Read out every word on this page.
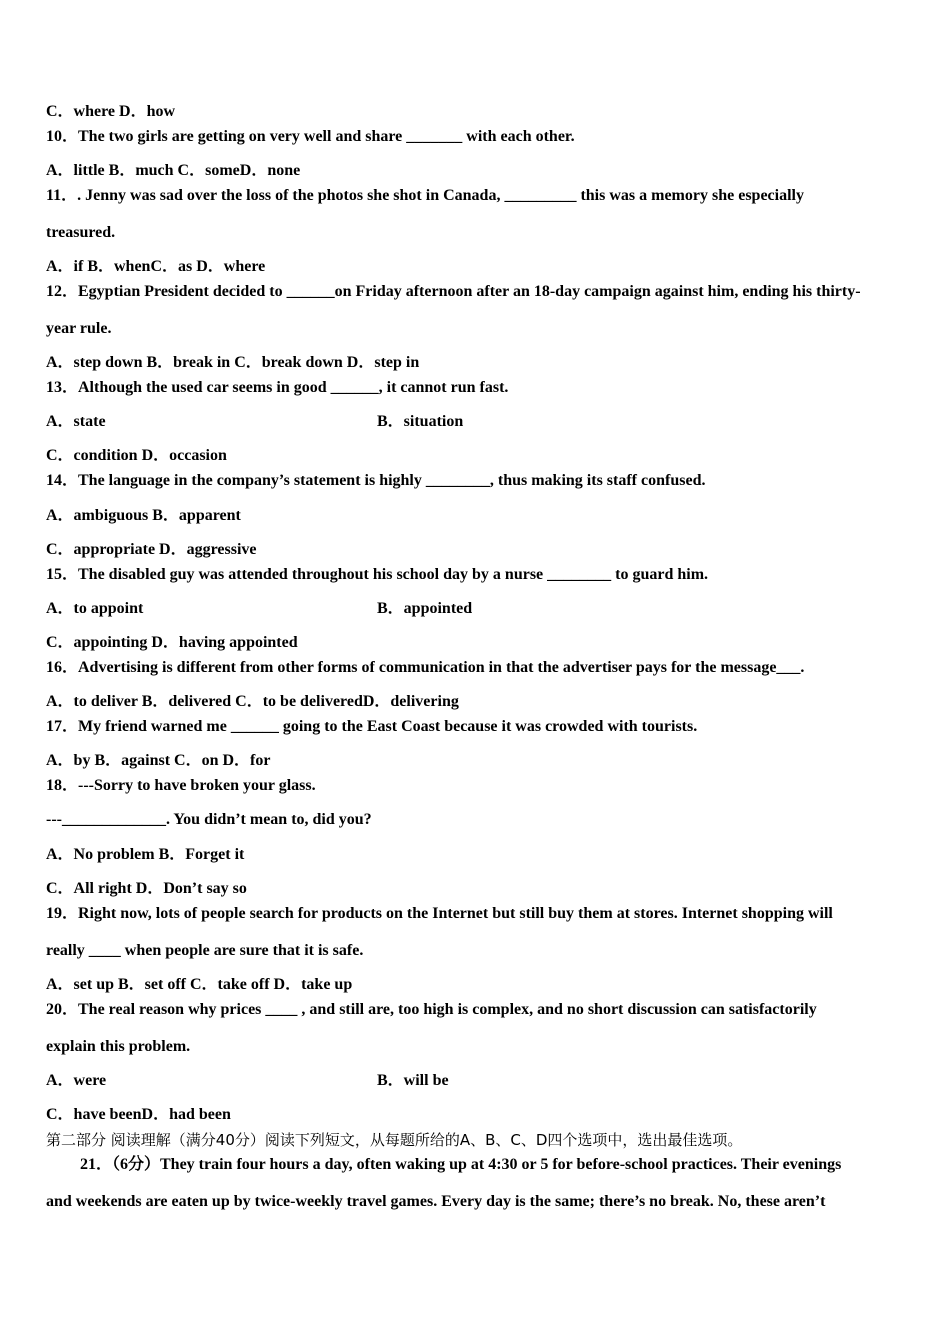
C．where D．how
10．The two girls are getting on very well and share _______ with each other.
A．little B．much C．someD．none
11．. Jenny was sad over the loss of the photos she shot in Canada, _________ this was a memory she especially
treasured.
A．if B．whenC．as D．where
12．Egyptian President decided to ______on Friday afternoon after an 18-day campaign against him, ending his thirty-
year rule.
A．step down B．break in C．break down D．step in
13．Although the used car seems in good ______, it cannot run fast.
A．state	B．situation
C．condition D．occasion
14．The language in the company’s statement is highly ________, thus making its staff confused.
A．ambiguous B．apparent
C．appropriate D．aggressive
15．The disabled guy was attended throughout his school day by a nurse ________ to guard him.
A．to appoint	B．appointed
C．appointing D．having appointed
16．Advertising is different from other forms of communication in that the advertiser pays for the message___.
A．to deliver B．delivered C．to be deliveredD．delivering
17．My friend warned me ______ going to the East Coast because it was crowded with tourists.
A．by B．against C．on D．for
18．---Sorry to have broken your glass.
---_____________. You didn’t mean to, did you?
A．No problem B．Forget it
C．All right D．Don’t say so
19．Right now, lots of people search for products on the Internet but still buy them at stores. Internet shopping will
really ____ when people are sure that it is safe.
A．set up B．set off C．take off D．take up
20．The real reason why prices ____ , and still are, too high is complex, and no short discussion can satisfactorily
explain this problem.
A．were	B．will be
C．have beenD．had been
第二部分 阅读理解（满分40分）阅读下列短文，从每题所给的A、B、C、D四个选项中，选出最佳选项。
21．（6分）They train four hours a day, often waking up at 4:30 or 5 for before-school practices. Their evenings
and weekends are eaten up by twice-weekly travel games. Every day is the same; there’s no break. No, these aren’t
